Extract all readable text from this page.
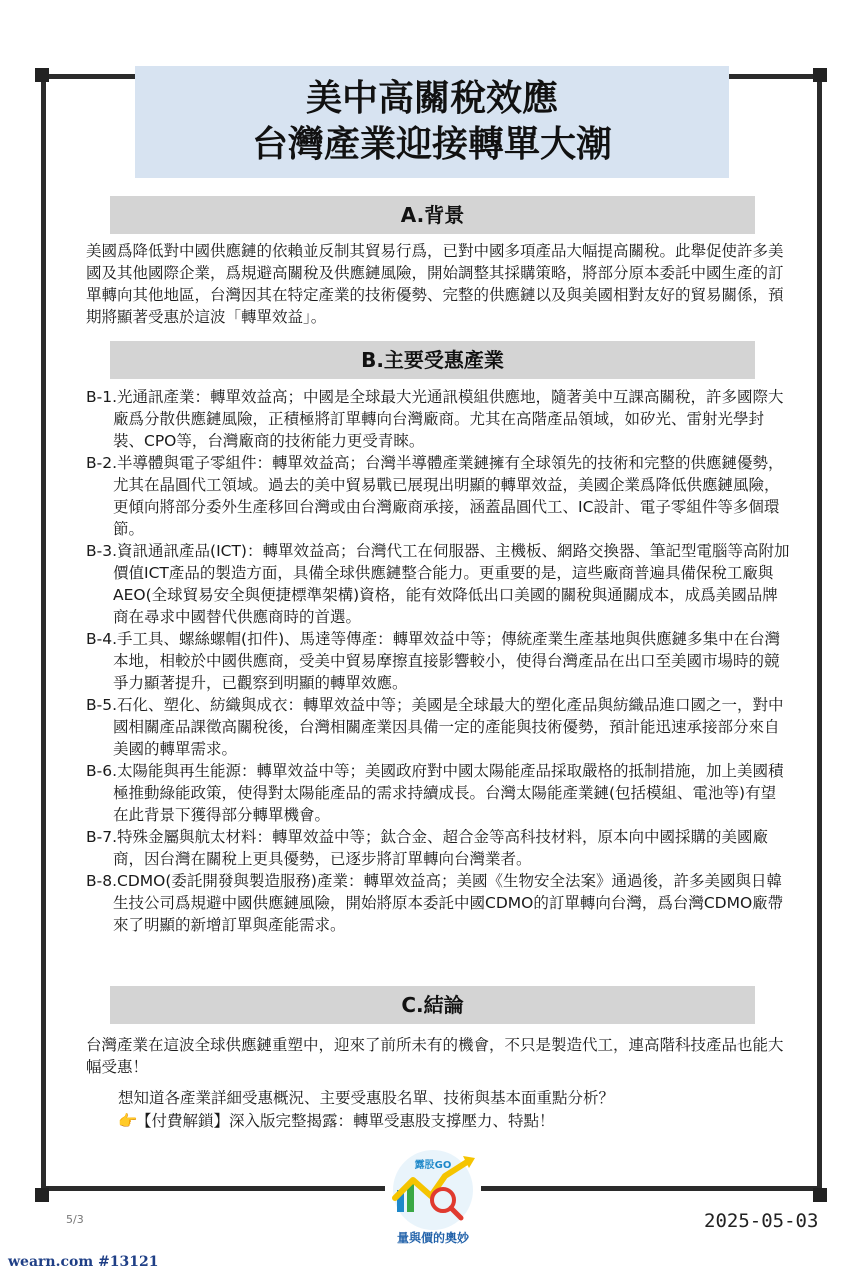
美中高關稅效應
台灣產業迎接轉單大潮
A.背景
美國爲降低對中國供應鏈的依賴並反制其貿易行爲，已對中國多項產品大幅提高關稅。此舉促使許多美國及其他國際企業，爲規避高關稅及供應鏈風險，開始調整其採購策略，將部分原本委託中國生產的訂單轉向其他地區，台灣因其在特定產業的技術優勢、完整的供應鏈以及與美國相對友好的貿易關係，預期將顯著受惠於這波「轉單效益」。
B.主要受惠產業
B-1.光通訊產業：轉單效益高；中國是全球最大光通訊模組供應地，隨著美中互課高關稅，許多國際大廠爲分散供應鏈風險，正積極將訂單轉向台灣廠商。尤其在高階產品領域，如矽光、雷射光學封裝、CPO等，台灣廠商的技術能力更受青睞。
B-2.半導體與電子零組件：轉單效益高；台灣半導體產業鏈擁有全球領先的技術和完整的供應鏈優勢，尤其在晶圓代工領域。過去的美中貿易戰已展現出明顯的轉單效益，美國企業爲降低供應鏈風險，更傾向將部分委外生產移回台灣或由台灣廠商承接，涵蓋晶圓代工、IC設計、電子零組件等多個環節。
B-3.資訊通訊產品(ICT)：轉單效益高；台灣代工在伺服器、主機板、網路交換器、筆記型電腦等高附加價值ICT產品的製造方面，具備全球供應鏈整合能力。更重要的是，這些廠商普遍具備保稅工廠與AEO(全球貿易安全與便捷標準架構)資格，能有效降低出口美國的關稅與通關成本，成爲美國品牌商在尋求中國替代供應商時的首選。
B-4.手工具、螺絲螺帽(扣件)、馬達等傳產：轉單效益中等；傳統產業生產基地與供應鏈多集中在台灣本地，相較於中國供應商，受美中貿易摩擦直接影響較小，使得台灣產品在出口至美國市場時的競爭力顯著提升，已觀察到明顯的轉單效應。
B-5.石化、塑化、紡織與成衣：轉單效益中等；美國是全球最大的塑化產品與紡織品進口國之一，對中國相關產品課徵高關稅後，台灣相關產業因具備一定的產能與技術優勢，預計能迅速承接部分來自美國的轉單需求。
B-6.太陽能與再生能源：轉單效益中等；美國政府對中國太陽能產品採取嚴格的抵制措施，加上美國積極推動綠能政策，使得對太陽能產品的需求持續成長。台灣太陽能產業鏈(包括模組、電池等)有望在此背景下獲得部分轉單機會。
B-7.特殊金屬與航太材料：轉單效益中等；鈦合金、超合金等高科技材料，原本向中國採購的美國廠商，因台灣在關稅上更具優勢，已逐步將訂單轉向台灣業者。
B-8.CDMO(委託開發與製造服務)產業：轉單效益高；美國《生物安全法案》通過後，許多美國與日韓生技公司爲規避中國供應鏈風險，開始將原本委託中國CDMO的訂單轉向台灣，爲台灣CDMO廠帶來了明顯的新增訂單與產能需求。
C.結論
台灣產業在這波全球供應鏈重塑中，迎來了前所未有的機會，不只是製造代工，連高階科技產品也能大幅受惠！
想知道各產業詳細受惠概況、主要受惠股名單、技術與基本面重點分析？
👉【付費解鎖】深入版完整揭露：轉單受惠股支撐壓力、特點！
露股GO
量與價的奧妙
5/3	2025-05-03
wearn.com #13121
